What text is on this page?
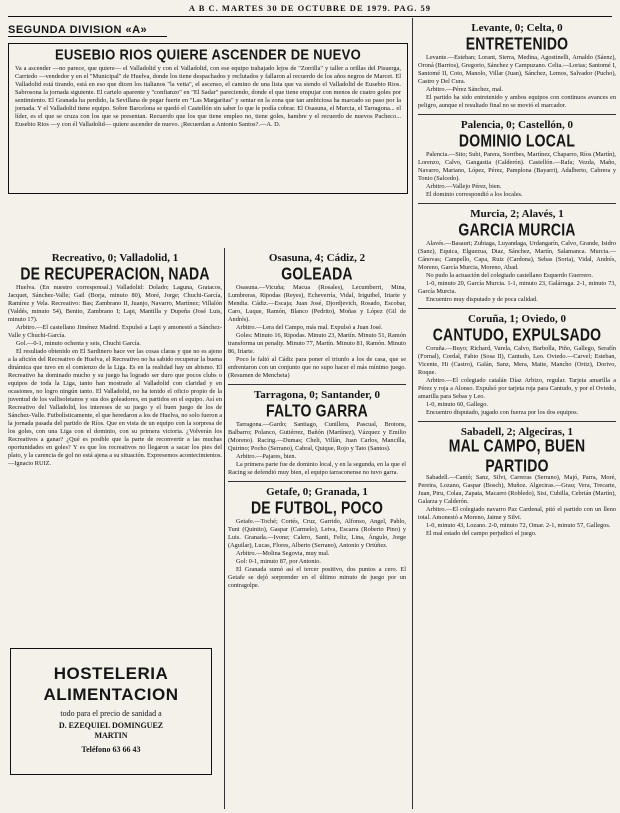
A B C. MARTES 30 DE OCTUBRE DE 1979. PAG. 59
SEGUNDA DIVISION «A»
EUSEBIO RIOS QUIERE ASCENDER DE NUEVO
Va a ascender —no parece, que quiere— el Valladolid y con el Valladolid, con ese equipo trabajado lejos de "Zorrilla" y taller a orillas del Pisuerga, Carriedo —vendedor y en el "Municipal" de Huelva, donde los tiene despachados y reclutados y fallaron al recuerdo de los años negros de Marcet. El Valladolid está tirando, está en eso que dicen los italianos "la vetta", el ascenso, el camino de una lista que va siendo el Valladolid de Eusebio Rios. Sabrosona la jornada siguiente. El cartelo aparente y "confianzo" en "El Sadar" pareciendo, donde el que tiene empujar con menos de cuatro goles por sentimiento. El Granada ha perdido, la Sevillana de pegar fuerte en "Las Margaritas" y sentar en la zona que tan ambiciosa ha marcado su paso por la jornada. Y el Valladolid tiene equipo. Sobre Barcelona se quedó el Castellón sin saber lo que le podía cobrar. El Osasuna, el Murcia, el Tarragona... el líder, es el que se cruza con los que se presentan. Recuerdo que los que tiene empleo no, tiene goles, hambre y el recuerdo de nuevos Pacheco... Eusebio Rios —y con él Valladolid— quiere ascender de nuevo. ¡Recuerdan a Antonio Santos?.—A. D.
Recreativo, 0; Valladolid, 1
DE RECUPERACION, NADA

Huelva. (En nuestro corresponsal.) Valladolid: Dolado; Laguna, Gratacos, Jacquet, Sánchez-Valle; Gail (Borja, minuto 80), Moré, Jorge; Chuchi-García, Ramírez y Vela. Recreativo: Bas; Zambrano II, Juanjo, Navarro, Martínez; Villalón (Valdés, minuto 54), Benito, Zambrano I; Lapi, Mantilla y Dupeña (José Luis, minuto 17).

Arbitro.—El castellano Jiménez Madrid. Expulsó a Lapi y amonestó a Sánchez-Valle y Chuchi-García.

Gol.—0-1, minuto ochenta y seis, Chuchi García.

El resultado obtenido en El Sardinero hace ver las cosas claras y que no es ajeno a la afición del Recreativo de Huelva, el Recreativo no ha sabido recuperar la buena dinámica que tuvo en el comienzo de la Liga. Es en la realidad hay un abismo. El Recreativo ha dominado mucho y su juego ha logrado ser duro que pocos clubs o equipos de toda la Liga, tanto han mostrado al Valladolid con claridad y en ocasiones, no logro ningún tanto. El Valladolid, no ha tenido el oficio propio de la juventud de los vallisoletanos y sus dos goleadores, en partidos en el equipo. Así en Recreativo del Valladolid, los intereses de su juego y el buen juego de los de Sánchez-Valle. Futbolísticamente, el que heredaron a los de Huelva, no solo fueron a la jornada pasada del partido de Ríos. Que en vista de un equipo con la sorpresa de los goles, con una Liga con el dominio, con su primera victoria. ¿Volverán los Recreativos a ganar? ¿Qué es posible que la parte de reconvertir a las muchas oportunidades en goles? Y es que los recreativos no llegaron a sacar los pies del plato, y la carencia de gol no está ajena a su situación. Expresemos acontecimientos.—Ignacio RUIZ.

HOSTELERIA
ALIMENTACION
todo para el precio de sanidad a
D. EZEQUIEL DOMINGUEZ
MARTIN
Teléfono 63 66 43
Osasuna, 4; Cádiz, 2
GOLEADA

Osasuna.—Vicuña; Macua (Rosales), Lecumberri, Mina, Lumbreras, Ripodas (Reyes), Echeverría, Vidal, Iriguibel, Iriarte y Mendia. Cádiz.—Escaja; Juan José, Djordjevich, Rosado, Escobar, Caro, Luque, Ramón, Blanco (Pedrito), Moñas y López (Gil de Andrés).

Arbitro.—Lera del Campo, más mal. Expulsó a Juan José.

Goles: Minuto 16, Ripodas. Minuto 23, Martín. Minuto 51, Ramón transforma un penalty. Minuto 77, Martín. Minuto 81, Ramón. Minuto 86, Iriarte.

Poco le faltó al Cádiz para poner el triunfo a los de casa, que se enfrentaron con un conjunto que no supo hacer el más mínimo juego. (Resumen de Mencheta)

Tarragona, 0; Santander, 0
FALTO GARRA

Tarragona.—Gardo; Santiago, Cunillera, Pascual, Brotons, Balbarro; Polanco, Gutiérrez, Bañón (Martínez), Vázquez y Emilio (Moreno). Racing.—Dumas; Cheli, Villán, Juan Carlos, Mancilla, Quirino; Pocho (Serrano), Cabral, Quique, Rojo y Tato (Santos).

Arbitro.—Pajares, bien.

La primera parte fue de dominio local, y en la segunda, en la que el Racing se defendió muy bien, el equipo tarraconense no tuvo garra.

Getafe, 0; Granada, 1
DE FUTBOL, POCO

Getafe.—Toché; Cortés, Cruz, Garrido, Alfonso, Angel, Pablo, Tuni (Quinito), Gaspar (Carmelo), Leiva, Escarra (Roberto Pino) y Luis. Granada.—Ivone; Calero, Santi, Feliz, Lina, Ángulo, Jorge (Aguilar), Lucas, Flores, Alberto (Serrano), Antonio y Ortúñez.

Arbitro.—Molina Segovia, muy mal.

Gol: 0-1, minuto 87, por Antonio.

El Granada sumó así el tercer positivo, dos puntos a cero. El Getafe se dejó sorprender en el último minuto de juego por un contragolpe.

Levante, 0; Celta, 0
ENTRETENIDO

Levante.—Esteban; Lorant, Sierra, Medina, Agostinelli, Arnaldo (Sáenz), Oroná (Barrios), Gregorio, Sánchez y Campuzano. Celta.—Lorias; Santomé I, Santomé II, Coto, Manolo, Villar (Juan), Sánchez, Lemos, Salvador (Pucho), Castro y Del Cura.

Arbitro.—Pérez Sánchez, mal.

El partido ha sido entretenido y ambos equipos con continuos avances en peligro, aunque el resultado final no se movió el marcador.

Palencia, 0; Castellón, 0
DOMINIO LOCAL

Palencia.—Sito; Subi, Parera, Sorribes, Martínez, Chaparro, Ríos (Martín), Lorenzo, Calvo, Gangastia (Calderón). Castellón.—Rafa; Vezda, Maño, Navarro, Mariano, López, Pérez, Pamplona (Bayarri), Adalberto, Cabrera y Tonio (Salcedo).

Arbitro.—Vallejo Pérez, bien.

El dominio correspondió a los locales.

Murcia, 2; Alavés, 1
GARCIA MURCIA

Alavés.—Basauri; Zubiaga, Luyandaga, Urdangarín, Calvo, Grande, Isidro (Sanz), Equica, Elguezua, Diaz, Sánchez, Martín, Salamanca. Murcia.—Cánovas; Campello, Capa, Ruiz (Cardona), Sebas (Soria), Vidal, Andrés, Moreno, García Murcia, Moreno, Abad.

No pudo la actuación del colegiado castellano Esquerdo Guerrero.

1-0, minuto 20, García Murcia. 1-1, minuto 23, Galárraga. 2-1, minuto 73, García Murcia.

Encuentro muy disputado y de poca calidad.

Coruña, 1; Oviedo, 0
CANTUDO, EXPULSADO

Coruña.—Buyo; Richard, Varela, Calvo, Barbolla, Piño, Gallego, Serafín (Fornal), Cordal, Fabio (Sosa II), Cantudo, Leo. Oviedo.—Carvel; Esteban, Vicente, Hi (Castro), Galán, Sanz, Mera, Maite, Mancho (Ortiz), Dorivo, Roque.

Arbitro.—El colegiado catalán Díaz Arbizo, regular. Tarjeta amarilla a Pérez y roja a Alonso. Expulsó por tarjeta roja para Cantudo, y por el Oviedo, amarilla para Sebas y Leo.

1-0, minuto 60, Gallego.

Encuentro disputado, jugado con fuerza por los dos equipos.

Sabadell, 2; Algeciras, 1
MAL CAMPO, BUEN PARTIDO

Sabadell.—Cantó; Sanz, Silvi, Carreras (Serrano), Majó, Parra, Moré, Pereira, Lozano, Gaspar (Bosch), Muñoz. Algeciras.—Grau; Vera, Trecarte, Juan, Piru, Colau, Zapata, Macarro (Robledo), Sisi, Cubilla, Cebrián (Martín), Galarza y Calderón.

Arbitro.—El colegiado navarro Paz Cardenal, pitó el partido con un lleno total. Amonestó a Moreno, Jaime y Silvi.

1-0, minuto 43, Lozano. 2-0, minuto 72, Omar. 2-1, minuto 57, Gallegos.

El mal estado del campo perjudicó el juego.
